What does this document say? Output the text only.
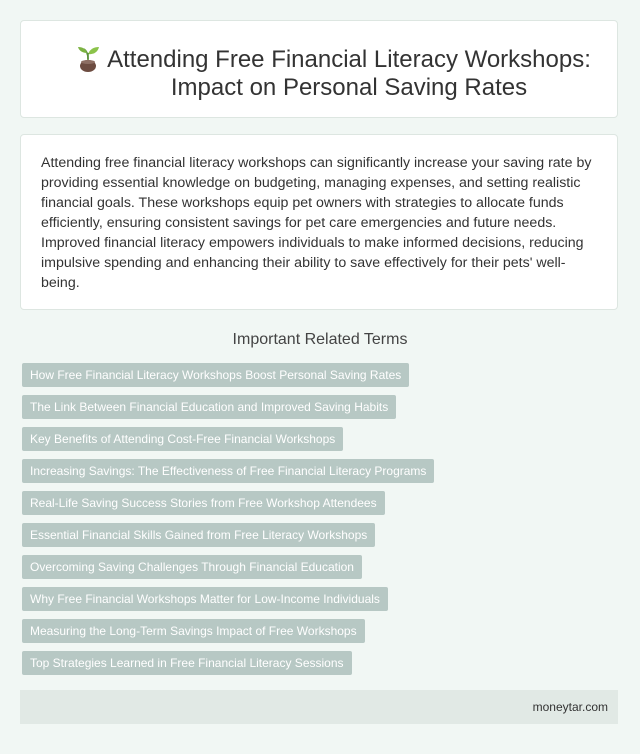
Attending Free Financial Literacy Workshops: Impact on Personal Saving Rates

Attending free financial literacy workshops can significantly increase your saving rate by providing essential knowledge on budgeting, managing expenses, and setting realistic financial goals. These workshops equip pet owners with strategies to allocate funds efficiently, ensuring consistent savings for pet care emergencies and future needs. Improved financial literacy empowers individuals to make informed decisions, reducing impulsive spending and enhancing their ability to save effectively for their pets' well-being.

Important Related Terms
How Free Financial Literacy Workshops Boost Personal Saving Rates
The Link Between Financial Education and Improved Saving Habits
Key Benefits of Attending Cost-Free Financial Workshops
Increasing Savings: The Effectiveness of Free Financial Literacy Programs
Real-Life Saving Success Stories from Free Workshop Attendees
Essential Financial Skills Gained from Free Literacy Workshops
Overcoming Saving Challenges Through Financial Education
Why Free Financial Workshops Matter for Low-Income Individuals
Measuring the Long-Term Savings Impact of Free Workshops
Top Strategies Learned in Free Financial Literacy Sessions
moneytar.com
